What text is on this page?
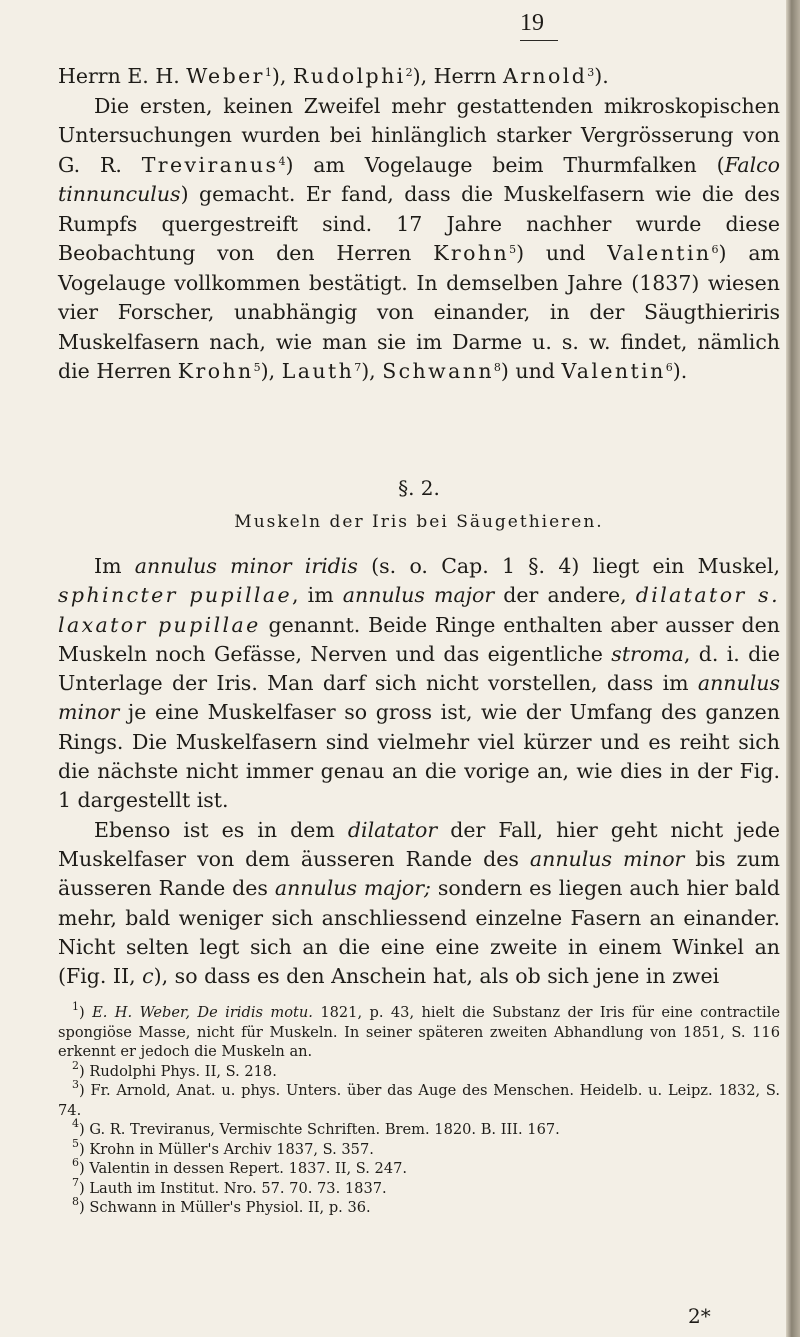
19

Herrn E. H. Weber$^1$), Rudolphi$^2$), Herrn Arnold$^3$).

Die ersten, keinen Zweifel mehr gestattenden mikroskopischen Untersuchungen wurden bei hinlänglich starker Vergrösserung von G. R. Treviranus$^4$) am Vogelauge beim Thurmfalken (Falco tinnunculus) gemacht. Er fand, dass die Muskelfasern wie die des Rumpfs quergestreift sind. 17 Jahre nachher wurde diese Beobachtung von den Herren Krohn$^5$) und Valentin$^6$) am Vogelauge vollkommen bestätigt. In demselben Jahre (1837) wiesen vier Forscher, unabhängig von einander, in der Säugthieriris Muskelfasern nach, wie man sie im Darme u. s. w. findet, nämlich die Herren Krohn$^5$), Lauth$^7$), Schwann$^8$) und Valentin$^6$).

§. 2.
Muskeln der Iris bei Säugethieren.

Im annulus minor iridis (s. o. Cap. 1 §. 4) liegt ein Muskel, sphincter pupillae, im annulus major der andere, dilatator s. laxator pupillae genannt. Beide Ringe enthalten aber ausser den Muskeln noch Gefässe, Nerven und das eigentliche stroma, d. i. die Unterlage der Iris. Man darf sich nicht vorstellen, dass im annulus minor je eine Muskelfaser so gross ist, wie der Umfang des ganzen Rings. Die Muskelfasern sind vielmehr viel kürzer und es reiht sich die nächste nicht immer genau an die vorige an, wie dies in der Fig. 1 dargestellt ist.

Ebenso ist es in dem dilatator der Fall, hier geht nicht jede Muskelfaser von dem äusseren Rande des annulus minor bis zum äusseren Rande des annulus major; sondern es liegen auch hier bald mehr, bald weniger sich anschliessend einzelne Fasern an einander. Nicht selten legt sich an die eine eine zweite in einem Winkel an (Fig. II, c), so dass es den Anschein hat, als ob sich jene in zwei

$^1$) E. H. Weber, De iridis motu. 1821, p. 43, hielt die Substanz der Iris für eine contractile spongiöse Masse, nicht für Muskeln. In seiner späteren zweiten Abhandlung von 1851, S. 116 erkennt er jedoch die Muskeln an.

$^2$) Rudolphi Phys. II, S. 218.

$^3$) Fr. Arnold, Anat. u. phys. Unters. über das Auge des Menschen. Heidelb. u. Leipz. 1832, S. 74.

$^4$) G. R. Treviranus, Vermischte Schriften. Brem. 1820. B. III. 167.

$^5$) Krohn in Müller's Archiv 1837, S. 357.

$^6$) Valentin in dessen Repert. 1837. II, S. 247.

$^7$) Lauth im Institut. Nro. 57. 70. 73. 1837.

$^8$) Schwann in Müller's Physiol. II, p. 36.

2*
